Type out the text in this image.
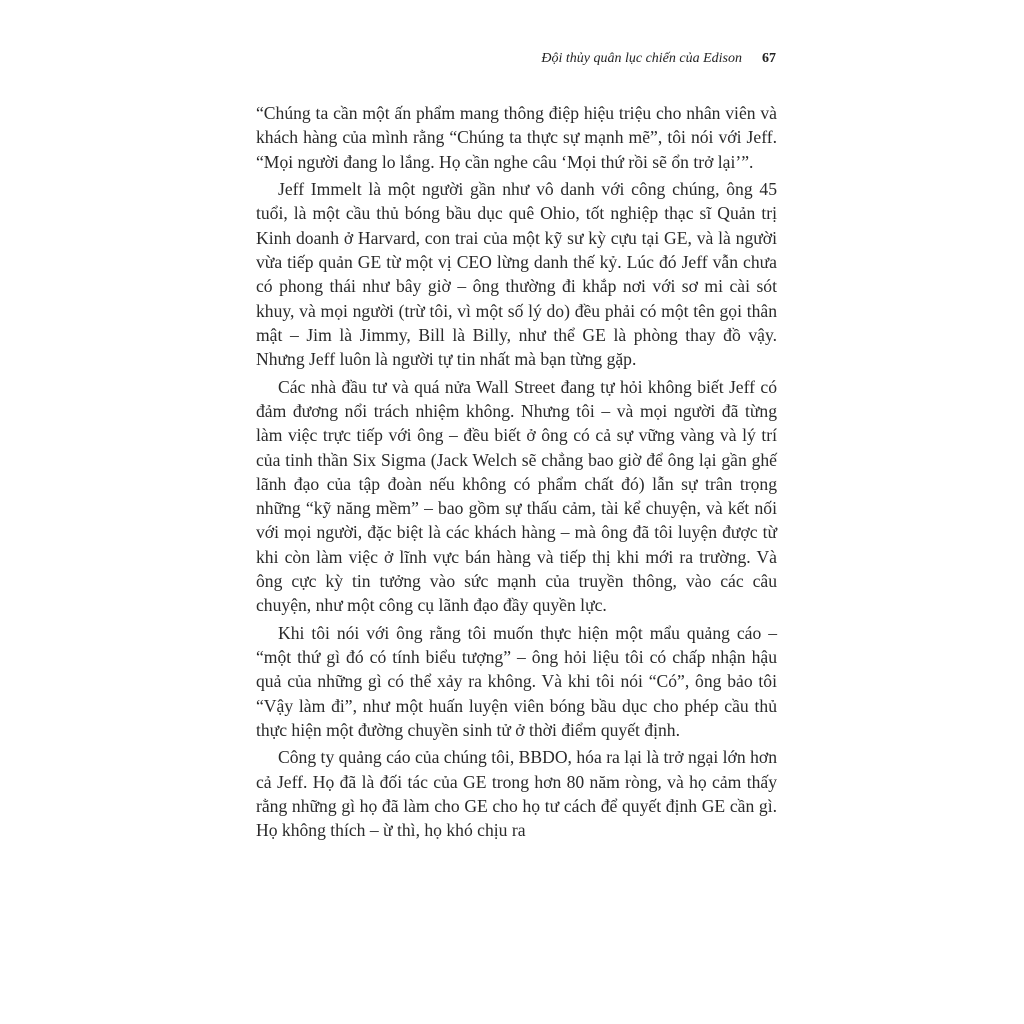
Đội thủy quân lục chiến của Edison 67

“Chúng ta cần một ấn phẩm mang thông điệp hiệu triệu cho nhân viên và khách hàng của mình rằng “Chúng ta thực sự mạnh mẽ”, tôi nói với Jeff. “Mọi người đang lo lắng. Họ cần nghe câu ‘Mọi thứ rồi sẽ ổn trở lại’”.

Jeff Immelt là một người gần như vô danh với công chúng, ông 45 tuổi, là một cầu thủ bóng bầu dục quê Ohio, tốt nghiệp thạc sĩ Quản trị Kinh doanh ở Harvard, con trai của một kỹ sư kỳ cựu tại GE, và là người vừa tiếp quản GE từ một vị CEO lừng danh thế kỷ. Lúc đó Jeff vẫn chưa có phong thái như bây giờ – ông thường đi khắp nơi với sơ mi cài sót khuy, và mọi người (trừ tôi, vì một số lý do) đều phải có một tên gọi thân mật – Jim là Jimmy, Bill là Billy, như thể GE là phòng thay đồ vậy. Nhưng Jeff luôn là người tự tin nhất mà bạn từng gặp.

Các nhà đầu tư và quá nửa Wall Street đang tự hỏi không biết Jeff có đảm đương nổi trách nhiệm không. Nhưng tôi – và mọi người đã từng làm việc trực tiếp với ông – đều biết ở ông có cả sự vững vàng và lý trí của tinh thần Six Sigma (Jack Welch sẽ chẳng bao giờ để ông lại gần ghế lãnh đạo của tập đoàn nếu không có phẩm chất đó) lẫn sự trân trọng những “kỹ năng mềm” – bao gồm sự thấu cảm, tài kể chuyện, và kết nối với mọi người, đặc biệt là các khách hàng – mà ông đã tôi luyện được từ khi còn làm việc ở lĩnh vực bán hàng và tiếp thị khi mới ra trường. Và ông cực kỳ tin tưởng vào sức mạnh của truyền thông, vào các câu chuyện, như một công cụ lãnh đạo đầy quyền lực.

Khi tôi nói với ông rằng tôi muốn thực hiện một mẩu quảng cáo – “một thứ gì đó có tính biểu tượng” – ông hỏi liệu tôi có chấp nhận hậu quả của những gì có thể xảy ra không. Và khi tôi nói “Có”, ông bảo tôi “Vậy làm đi”, như một huấn luyện viên bóng bầu dục cho phép cầu thủ thực hiện một đường chuyền sinh tử ở thời điểm quyết định.

Công ty quảng cáo của chúng tôi, BBDO, hóa ra lại là trở ngại lớn hơn cả Jeff. Họ đã là đối tác của GE trong hơn 80 năm ròng, và họ cảm thấy rằng những gì họ đã làm cho GE cho họ tư cách để quyết định GE cần gì. Họ không thích – ừ thì, họ khó chịu ra
